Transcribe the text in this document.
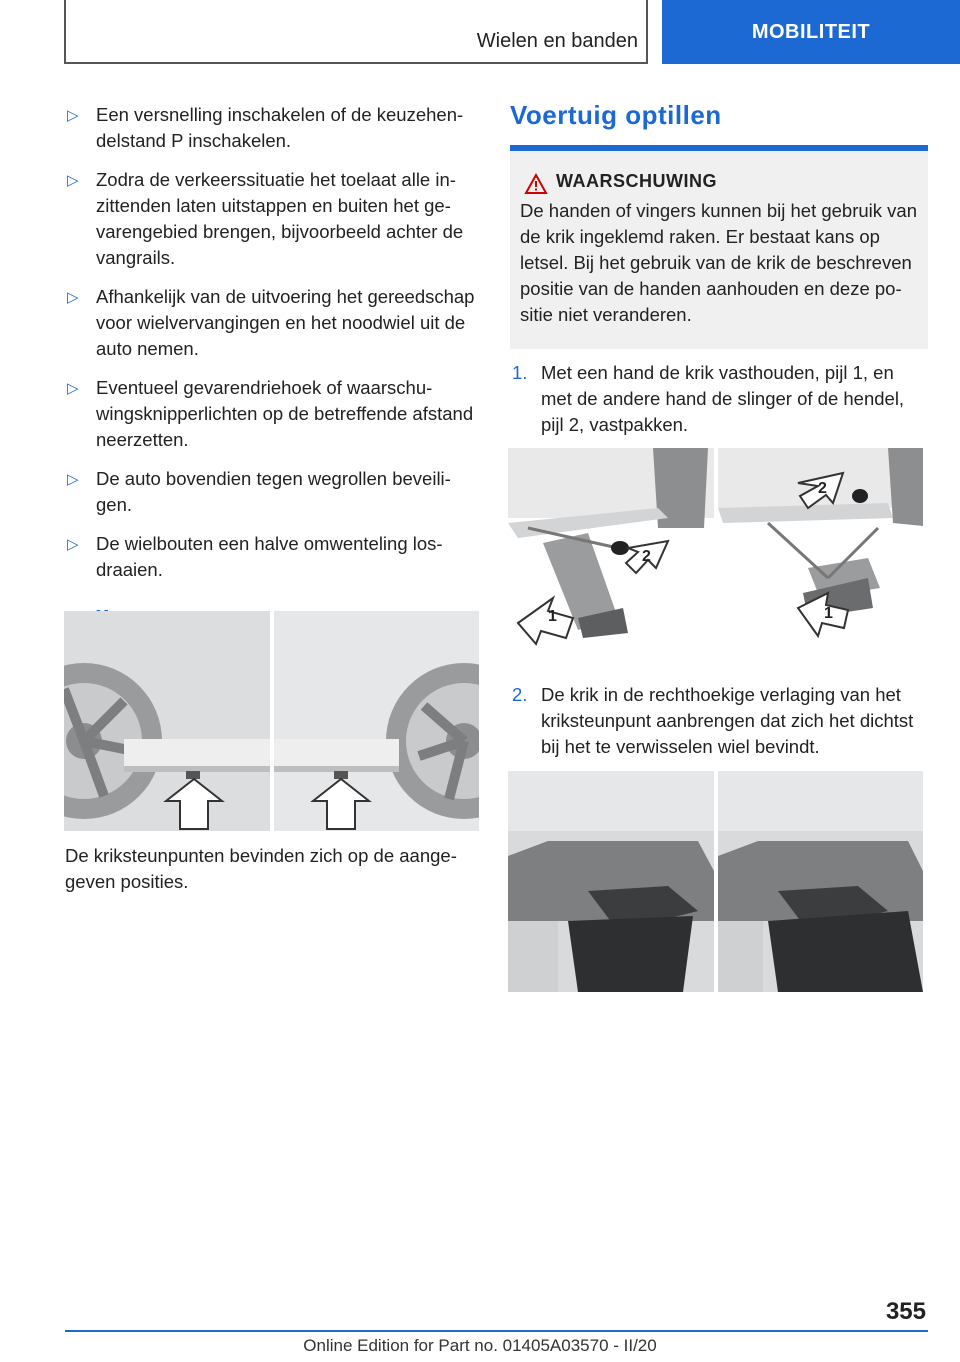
Wielen en banden	MOBILITEIT
▷ Een versnelling inschakelen of de keuzehendelstand P inschakelen.
▷ Zodra de verkeerssituatie het toelaat alle inzittenden laten uitstappen en buiten het gevarengebied brengen, bijvoorbeeld achter de vangrails.
▷ Afhankelijk van de uitvoering het gereedschap voor wielvervangingen en het noodwiel uit de auto nemen.
▷ Eventueel gevarendriehoek of waarschuwingsknipperlichten op de betreffende afstand neerzetten.
▷ De auto bovendien tegen wegrollen beveiligen.
▷ De wielbouten een halve omwenteling losdraaien.

De kriksteunpunten bevinden zich op de aangegeven posities.

Voertuig optillen
WAARSCHUWING
De handen of vingers kunnen bij het gebruik van de krik ingeklemd raken. Er bestaat kans op letsel. Bij het gebruik van de krik de beschreven positie van de handen aanhouden en deze positie niet veranderen.
1. Met een hand de krik vasthouden, pijl 1, en met de andere hand de slinger of de hendel, pijl 2, vastpakken.
1
2
2
1
2. De krik in de rechthoekige verlaging van het kriksteunpunt aanbrengen dat zich het dichtst bij het te verwisselen wiel bevindt.
355
Online Edition for Part no. 01405A03570 - II/20
